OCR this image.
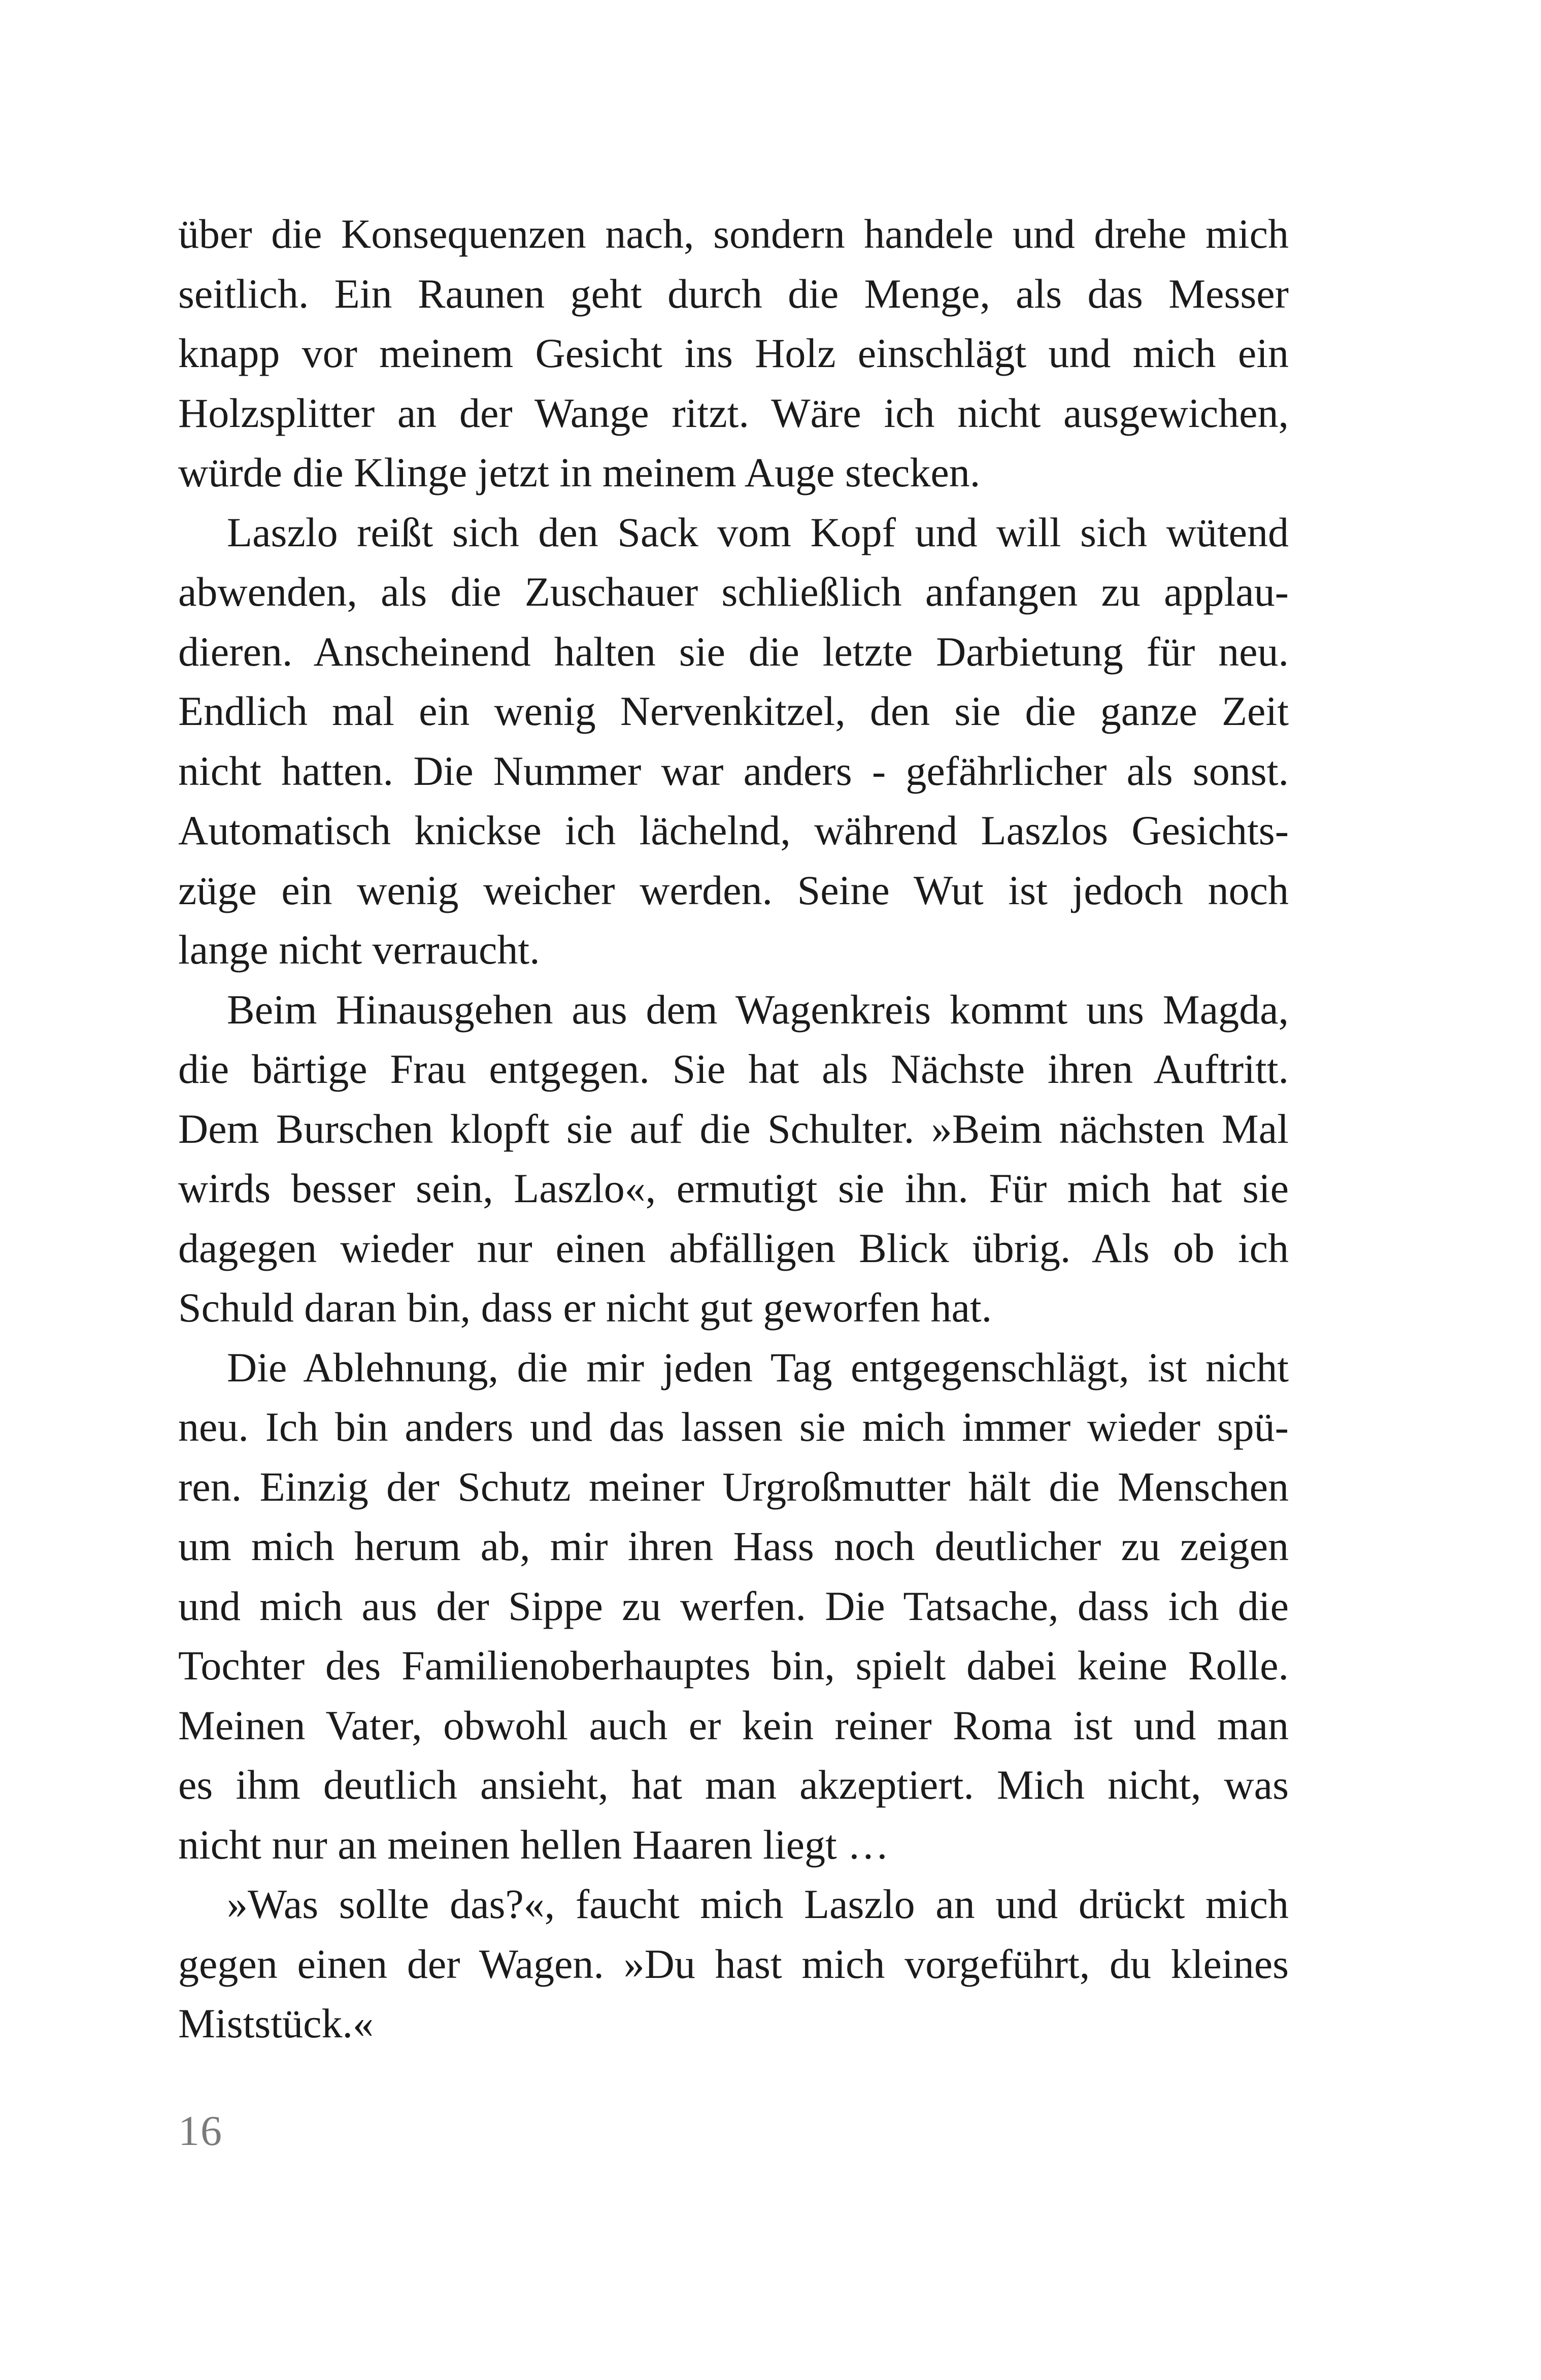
über die Konsequenzen nach, sondern handele und drehe mich
seitlich. Ein Raunen geht durch die Menge, als das Messer
knapp vor meinem Gesicht ins Holz einschlägt und mich ein
Holzsplitter an der Wange ritzt. Wäre ich nicht ausgewichen,
würde die Klinge jetzt in meinem Auge stecken.
Laszlo reißt sich den Sack vom Kopf und will sich wütend
abwenden, als die Zuschauer schließlich anfangen zu applau-
dieren. Anscheinend halten sie die letzte Darbietung für neu.
Endlich mal ein wenig Nervenkitzel, den sie die ganze Zeit
nicht hatten. Die Nummer war anders - gefährlicher als sonst.
Automatisch knickse ich lächelnd, während Laszlos Gesichts-
züge ein wenig weicher werden. Seine Wut ist jedoch noch
lange nicht verraucht.
Beim Hinausgehen aus dem Wagenkreis kommt uns Magda,
die bärtige Frau entgegen. Sie hat als Nächste ihren Auftritt.
Dem Burschen klopft sie auf die Schulter. »Beim nächsten Mal
wirds besser sein, Laszlo«, ermutigt sie ihn. Für mich hat sie
dagegen wieder nur einen abfälligen Blick übrig. Als ob ich
Schuld daran bin, dass er nicht gut geworfen hat.
Die Ablehnung, die mir jeden Tag entgegenschlägt, ist nicht
neu. Ich bin anders und das lassen sie mich immer wieder spü-
ren. Einzig der Schutz meiner Urgroßmutter hält die Menschen
um mich herum ab, mir ihren Hass noch deutlicher zu zeigen
und mich aus der Sippe zu werfen. Die Tatsache, dass ich die
Tochter des Familienoberhauptes bin, spielt dabei keine Rolle.
Meinen Vater, obwohl auch er kein reiner Roma ist und man
es ihm deutlich ansieht, hat man akzeptiert. Mich nicht, was
nicht nur an meinen hellen Haaren liegt …
»Was sollte das?«, faucht mich Laszlo an und drückt mich
gegen einen der Wagen. »Du hast mich vorgeführt, du kleines
Miststück.«
16
